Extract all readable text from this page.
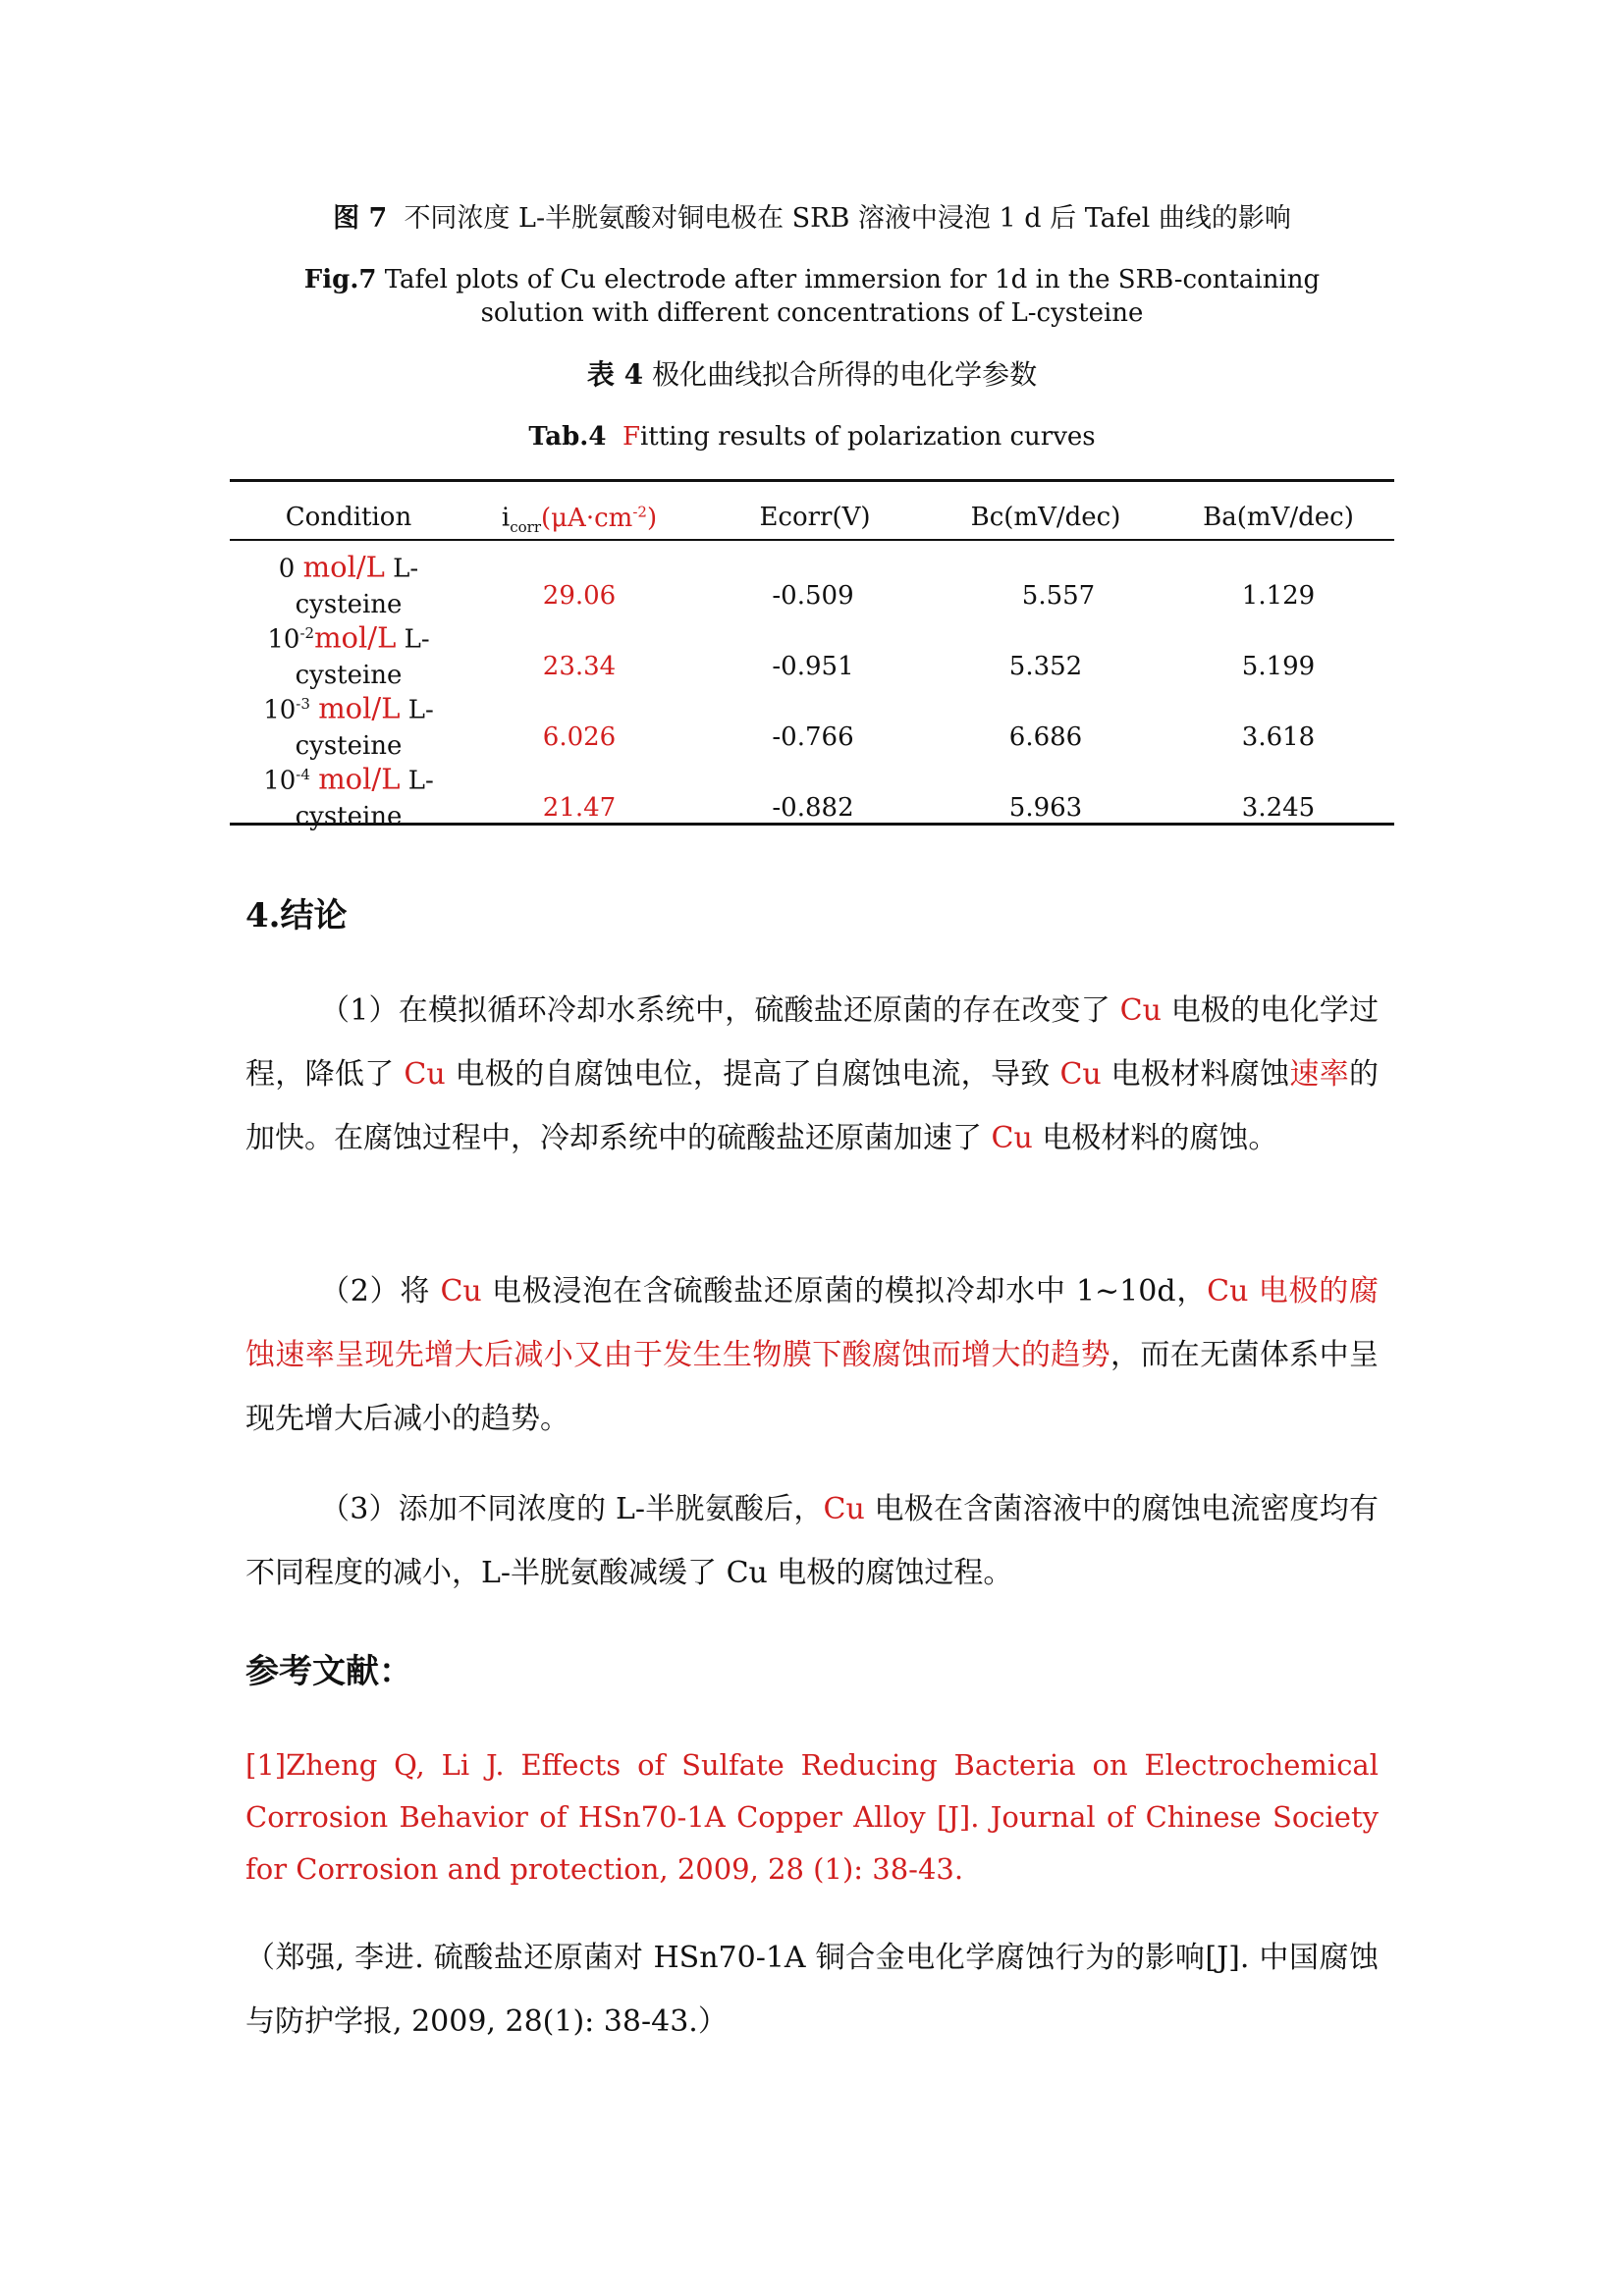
图 7 不同浓度 L-半胱氨酸对铜电极在 SRB 溶液中浸泡 1 d 后 Tafel 曲线的影响
Fig.7 Tafel plots of Cu electrode after immersion for 1d in the SRB-containing solution with different concentrations of L-cysteine
表 4 极化曲线拟合所得的电化学参数
Tab.4 Fitting results of polarization curves
Condition	$i_{corr}(\mu A\cdot cm^{-2})$	Ecorr(V)	Bc(mV/dec)	Ba(mV/dec)
0 mol/L L-
cysteine	29.06	-0.509	5.557	1.129
$10^{-2}mol/L$ L-
cysteine	23.34	-0.951	5.352	5.199
$10^{-3}$ mol/L L-
cysteine	6.026	-0.766	6.686	3.618
$10^{-4}$ mol/L L-
cysteine	21.47	-0.882	5.963	3.245
4.结论
（1）在模拟循环冷却水系统中，硫酸盐还原菌的存在改变了 Cu 电极的电化学过程，降低了 Cu 电极的自腐蚀电位，提高了自腐蚀电流，导致 Cu 电极材料腐蚀速率的加快。在腐蚀过程中，冷却系统中的硫酸盐还原菌加速了 Cu 电极材料的腐蚀。
（2）将 Cu 电极浸泡在含硫酸盐还原菌的模拟冷却水中 1~10d，Cu 电极的腐蚀速率呈现先增大后减小又由于发生生物膜下酸腐蚀而增大的趋势，而在无菌体系中呈现先增大后减小的趋势。
（3）添加不同浓度的 L-半胱氨酸后，Cu 电极在含菌溶液中的腐蚀电流密度均有不同程度的减小，L-半胱氨酸减缓了 Cu 电极的腐蚀过程。
参考文献：
[1]Zheng Q, Li J. Effects of Sulfate Reducing Bacteria on Electrochemical Corrosion Behavior of HSn70-1A Copper Alloy [J]. Journal of Chinese Society for Corrosion and protection, 2009, 28 (1): 38-43.
（郑强, 李进. 硫酸盐还原菌对 HSn70-1A 铜合金电化学腐蚀行为的影响[J]. 中国腐蚀与防护学报, 2009, 28(1): 38-43.）
